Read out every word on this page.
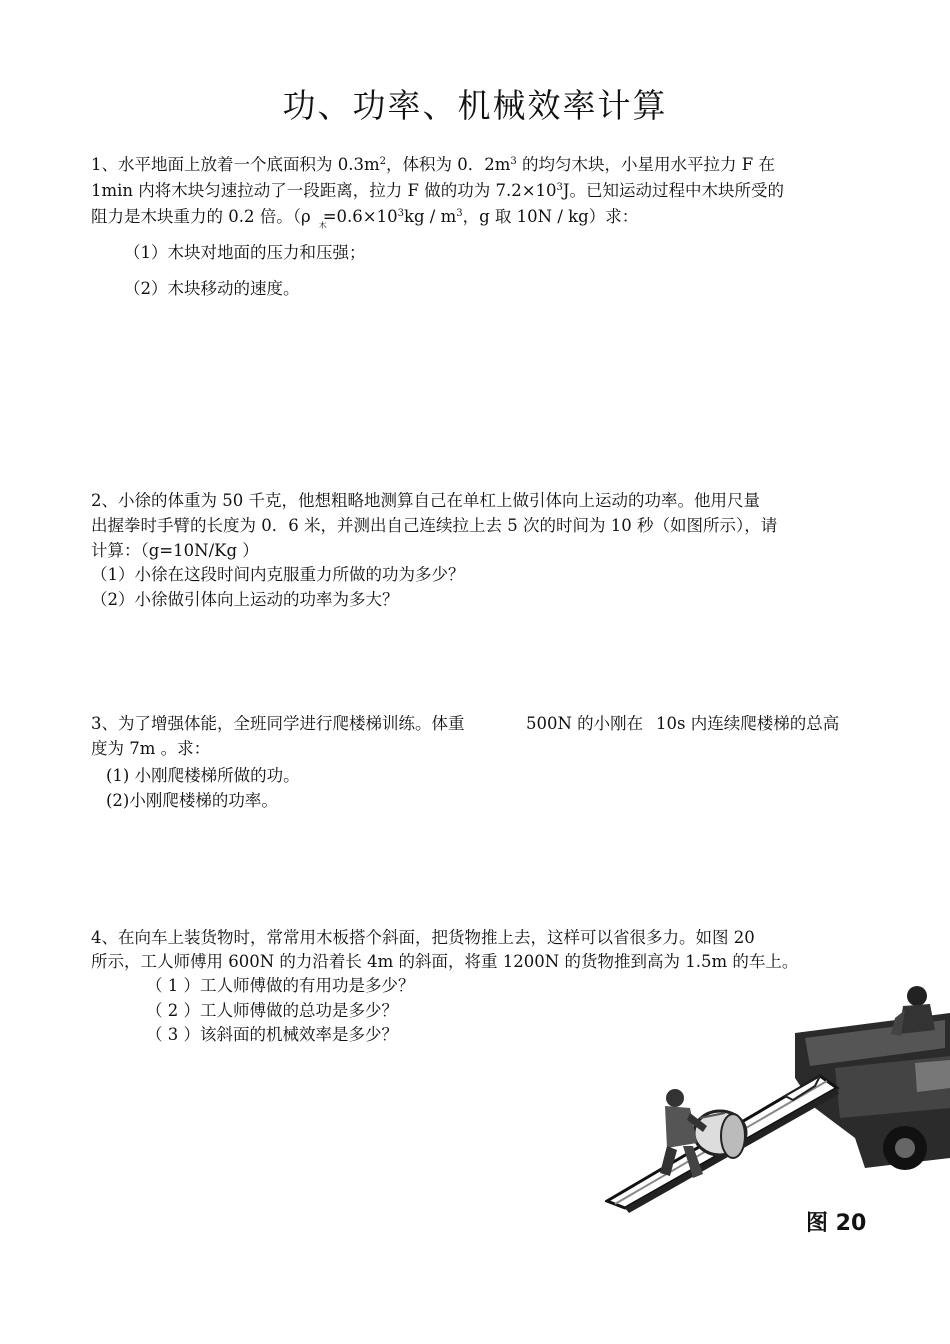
功、功率、机械效率计算
1、水平地面上放着一个底面积为 $0.3m^2$，体积为 0．$2m^3$ 的均匀木块，小星用水平拉力 F 在
1min 内将木块匀速拉动了一段距离，拉力 F 做的功为 $7.2\times 10^3J$。已知运动过程中木块所受的
阻力是木块重力的 0.2 倍。（ρ $_木=0.6\times 10^3kg / m^3$，g 取 10N / kg）求：
（1）木块对地面的压力和压强；
（2）木块移动的速度。
2、小徐的体重为 50 千克，他想粗略地测算自己在单杠上做引体向上运动的功率。他用尺量
出握拳时手臂的长度为 0．6 米，并测出自己连续拉上去 5 次的时间为 10 秒（如图所示），请
计算：（g=10N/Kg ）
（1）小徐在这段时间内克服重力所做的功为多少？
（2）小徐做引体向上运动的功率为多大？
3、为了增强体能，全班同学进行爬楼梯训练。体重	500N 的小刚在 10s 内连续爬楼梯的总高
度为 7m 。求：
(1) 小刚爬楼梯所做的功。
(2)小刚爬楼梯的功率。
4、在向车上装货物时，常常用木板搭个斜面，把货物推上去，这样可以省很多力。如图 20
所示，工人师傅用 600N 的力沿着长 4m 的斜面，将重 1200N 的货物推到高为 1.5m 的车上。
（ 1 ）工人师傅做的有用功是多少？
（ 2 ）工人师傅做的总功是多少？
（ 3 ）该斜面的机械效率是多少？
图 20
